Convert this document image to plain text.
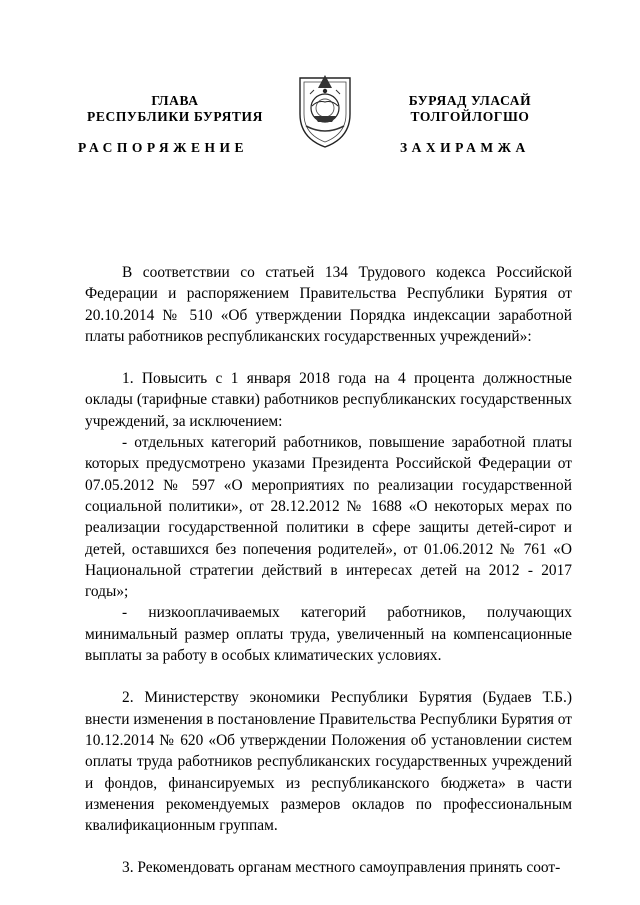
ГЛАВА
РЕСПУБЛИКИ БУРЯТИЯ
БУРЯАД УЛАСАЙ
ТОЛГОЙЛОГШО
РАСПОРЯЖЕНИЕ	ЗАХИРАМЖА

В соответствии со статьей 134 Трудового кодекса Российской Федерации и распоряжением Правительства Республики Бурятия от 20.10.2014 № 510 «Об утверждении Порядка индексации заработной платы работников республиканских государственных учреждений»:

1. Повысить с 1 января 2018 года на 4 процента должностные оклады (тарифные ставки) работников республиканских государственных учреждений, за исключением:

- отдельных категорий работников, повышение заработной платы которых предусмотрено указами Президента Российской Федерации от 07.05.2012 № 597 «О мероприятиях по реализации государственной социальной политики», от 28.12.2012 № 1688 «О некоторых мерах по реализации государственной политики в сфере защиты детей-сирот и детей, оставшихся без попечения родителей», от 01.06.2012 № 761 «О Национальной стратегии действий в интересах детей на 2012 - 2017 годы»;

- низкооплачиваемых категорий работников, получающих минимальный размер оплаты труда, увеличенный на компенсационные выплаты за работу в особых климатических условиях.

2. Министерству экономики Республики Бурятия (Будаев Т.Б.) внести изменения в постановление Правительства Республики Бурятия от 10.12.2014 № 620 «Об утверждении Положения об установлении систем оплаты труда работников республиканских государственных учреждений и фондов, финансируемых из республиканского бюджета» в части изменения рекомендуемых размеров окладов по профессиональным квалификационным группам.

3. Рекомендовать органам местного самоуправления принять соот-
